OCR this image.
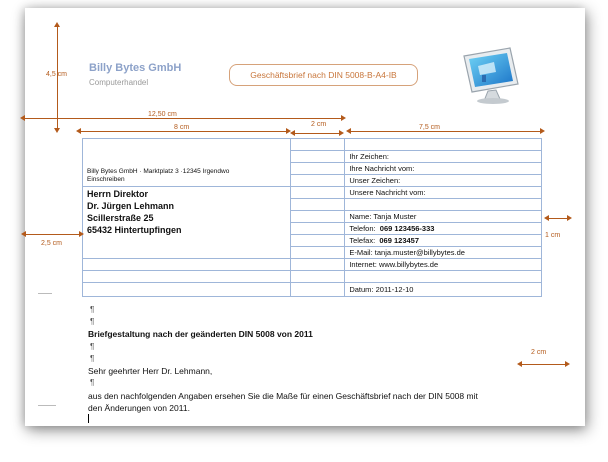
4,5 cm
Billy Bytes GmbH
Computerhandel
Geschäftsbrief nach DIN 5008-B-A4-IB
12,50 cm
8 cm	2 cm	7,5 cm
Billy Bytes GmbH · Marktplatz 3 ·12345 Irgendwo
Einschreiben		

		Ihr Zeichen:
		Ihre Nachricht vom:
		Unser Zeichen:

Herrn Direktor
Dr. Jürgen Lehmann
Scillerstraße 25
65432 Hintertupfingen		Unsere Nachricht vom:

		Name: Tanja Muster
		Telefon: 069 123456-333
		Telefax: 069 123457
		E-Mail: tanja.muster@billybytes.de
		Internet: www.billybytes.de

		Datum: 2011-12-10
2,5 cm
1 cm
2 cm
¶
¶
Briefgestaltung nach der geänderten DIN 5008 von 2011
¶
¶
Sehr geehrter Herr Dr. Lehmann,
¶
aus den nachfolgenden Angaben ersehen Sie die Maße für einen Geschäftsbrief nach der DIN 5008 mit
den Änderungen von 2011.
